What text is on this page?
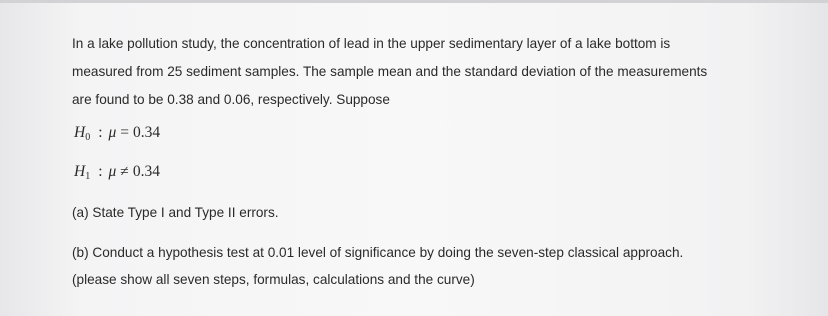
In a lake pollution study, the concentration of lead in the upper sedimentary layer of a lake bottom is
measured from 25 sediment samples. The sample mean and the standard deviation of the measurements
are found to be 0.38 and 0.06, respectively. Suppose
$H_0$ : μ = 0.34
$H_1$ : μ ≠ 0.34
(a) State Type I and Type II errors.
(b) Conduct a hypothesis test at 0.01 level of significance by doing the seven-step classical approach.
(please show all seven steps, formulas, calculations and the curve)
